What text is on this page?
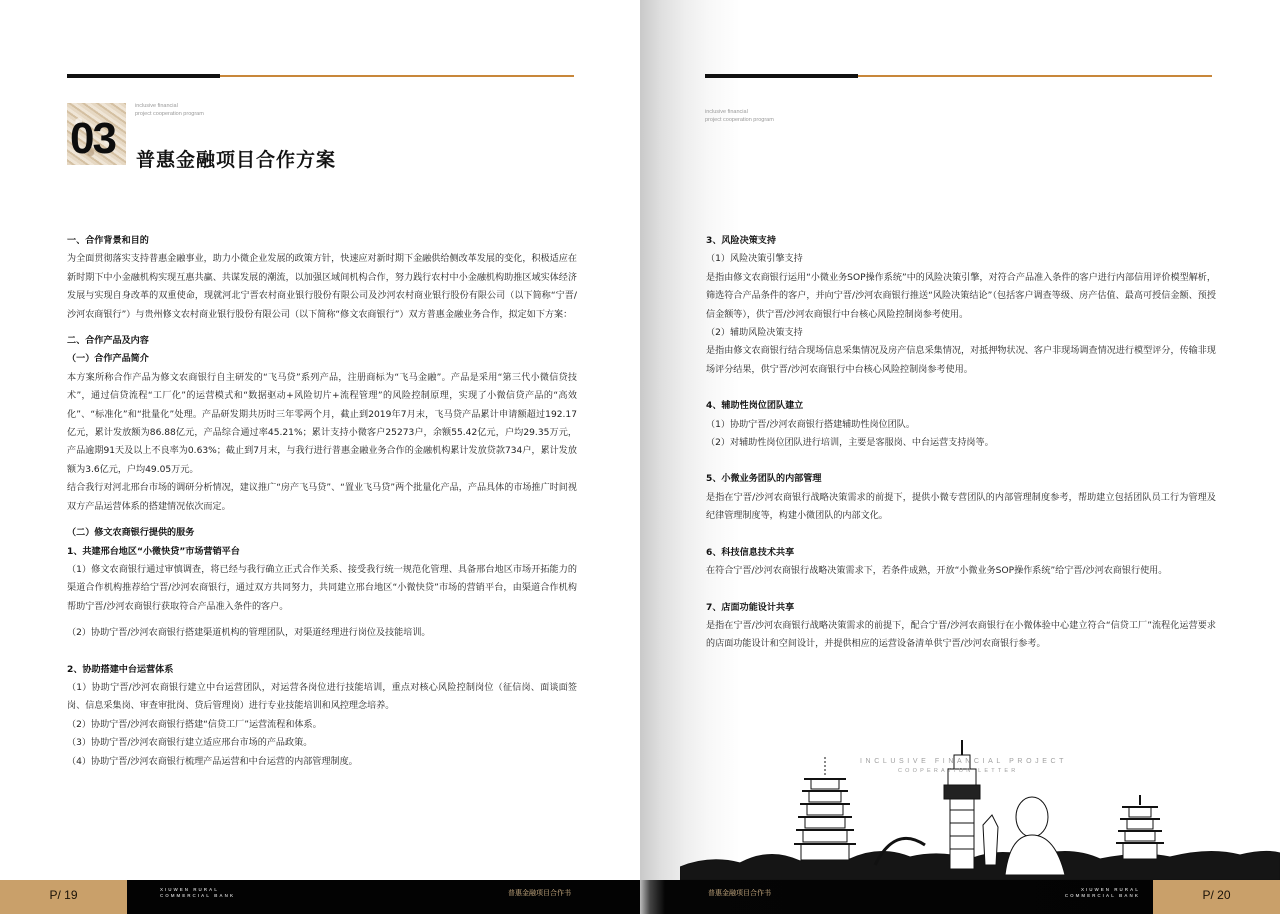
03
inclusive financial
project cooperation program
普惠金融项目合作方案

一、合作背景和目的

为全面贯彻落实支持普惠金融事业，助力小微企业发展的政策方针，快速应对新时期下金融供给侧改革发展的变化，积极适应在新时期下中小金融机构实现互惠共赢、共谋发展的潮流，以加强区域间机构合作，努力践行农村中小金融机构助推区域实体经济发展与实现自身改革的双重使命，现就河北宁晋农村商业银行股份有限公司及沙河农村商业银行股份有限公司（以下简称“宁晋/沙河农商银行”）与贵州修文农村商业银行股份有限公司（以下简称“修文农商银行”）双方普惠金融业务合作，拟定如下方案：

二、合作产品及内容

（一）合作产品简介

本方案所称合作产品为修文农商银行自主研发的“飞马贷”系列产品，注册商标为“飞马金融”。产品是采用“第三代小微信贷技术”，通过信贷流程“工厂化”的运营模式和“数据驱动+风险切片+流程管理”的风险控制原理，实现了小微信贷产品的“高效化”、“标准化”和“批量化”处理。产品研发期共历时三年零两个月，截止到2019年7月末，飞马贷产品累计申请额超过192.17亿元，累计发放额为86.88亿元，产品综合通过率45.21%；累计支持小微客户25273户，余额55.42亿元，户均29.35万元，产品逾期91天及以上不良率为0.63%；截止到7月末，与我行进行普惠金融业务合作的金融机构累计发放贷款734户，累计发放额为3.6亿元，户均49.05万元。

结合我行对河北邢台市场的调研分析情况，建议推广“房产飞马贷”、“置业飞马贷”两个批量化产品，产品具体的市场推广时间视双方产品运营体系的搭建情况依次而定。

（二）修文农商银行提供的服务

1、共建邢台地区“小微快贷”市场营销平台

（1）修文农商银行通过审慎调查，将已经与我行确立正式合作关系、接受我行统一规范化管理、具备邢台地区市场开拓能力的渠道合作机构推荐给宁晋/沙河农商银行，通过双方共同努力，共同建立邢台地区“小微快贷”市场的营销平台，由渠道合作机构帮助宁晋/沙河农商银行获取符合产品准入条件的客户。

（2）协助宁晋/沙河农商银行搭建渠道机构的管理团队，对渠道经理进行岗位及技能培训。

2、协助搭建中台运营体系

（1）协助宁晋/沙河农商银行建立中台运营团队，对运营各岗位进行技能培训，重点对核心风险控制岗位（征信岗、面谈面签岗、信息采集岗、审查审批岗、贷后管理岗）进行专业技能培训和风控理念培养。

（2）协助宁晋/沙河农商银行搭建“信贷工厂”运营流程和体系。

（3）协助宁晋/沙河农商银行建立适应邢台市场的产品政策。

（4）协助宁晋/沙河农商银行梳理产品运营和中台运营的内部管理制度。

P/ 19	XIUWEN RURAL
COMMERCIAL BANK	普惠金融项目合作书
inclusive financial
project cooperation program

3、风险决策支持

（1）风险决策引擎支持

是指由修文农商银行运用“小微业务SOP操作系统”中的风险决策引擎，对符合产品准入条件的客户进行内部信用评价模型解析，筛选符合产品条件的客户，并向宁晋/沙河农商银行推送“风险决策结论”（包括客户调查等级、房产估值、最高可授信金额、预授信金额等），供宁晋/沙河农商银行中台核心风险控制岗参考使用。

（2）辅助风险决策支持

是指由修文农商银行结合现场信息采集情况及房产信息采集情况，对抵押物状况、客户非现场调查情况进行模型评分，传输非现场评分结果，供宁晋/沙河农商银行中台核心风险控制岗参考使用。

4、辅助性岗位团队建立

（1）协助宁晋/沙河农商银行搭建辅助性岗位团队。

（2）对辅助性岗位团队进行培训，主要是客服岗、中台运营支持岗等。

5、小微业务团队的内部管理

是指在宁晋/沙河农商银行战略决策需求的前提下，提供小微专营团队的内部管理制度参考，帮助建立包括团队员工行为管理及纪律管理制度等，构建小微团队的内部文化。

6、科技信息技术共享

在符合宁晋/沙河农商银行战略决策需求下，若条件成熟，开放“小微业务SOP操作系统”给宁晋/沙河农商银行使用。

7、店面功能设计共享

是指在宁晋/沙河农商银行战略决策需求的前提下，配合宁晋/沙河农商银行在小微体验中心建立符合“信贷工厂”流程化运营要求的店面功能设计和空间设计，并提供相应的运营设备清单供宁晋/沙河农商银行参考。

INCLUSIVE FINANCIAL PROJECT
COOPERATION LETTER
P/ 20
普惠金融项目合作书	XIUWEN RURAL
COMMERCIAL BANK
